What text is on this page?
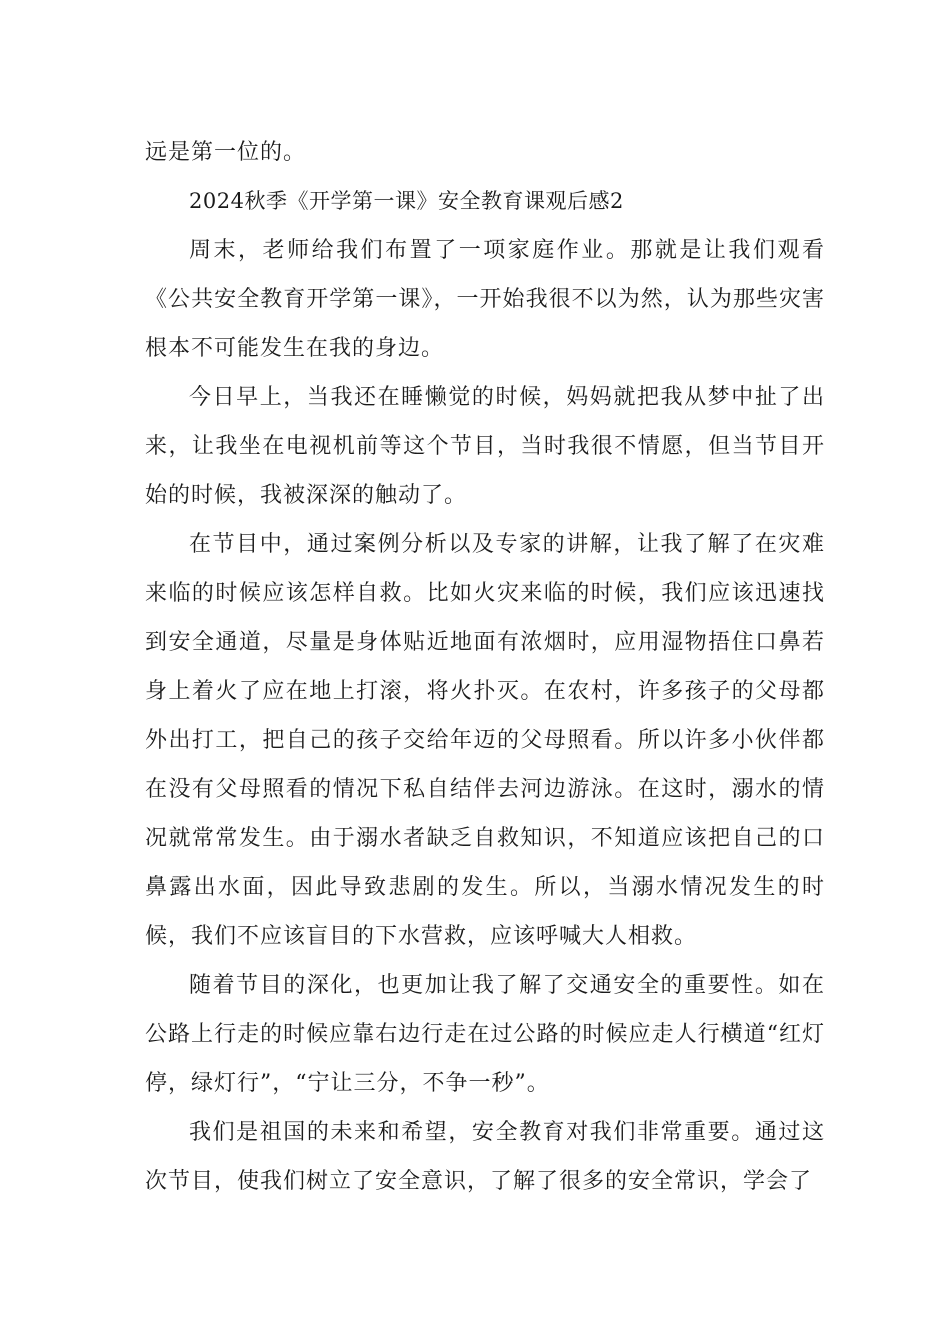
远是第一位的。

2024秋季《开学第一课》安全教育课观后感2

周末，老师给我们布置了一项家庭作业。那就是让我们观看《公共安全教育开学第一课》，一开始我很不以为然，认为那些灾害根本不可能发生在我的身边。

今日早上，当我还在睡懒觉的时候，妈妈就把我从梦中扯了出来，让我坐在电视机前等这个节目，当时我很不情愿，但当节目开始的时候，我被深深的触动了。

在节目中，通过案例分析以及专家的讲解，让我了解了在灾难来临的时候应该怎样自救。比如火灾来临的时候，我们应该迅速找到安全通道，尽量是身体贴近地面有浓烟时，应用湿物捂住口鼻若身上着火了应在地上打滚，将火扑灭。在农村，许多孩子的父母都外出打工，把自己的孩子交给年迈的父母照看。所以许多小伙伴都在没有父母照看的情况下私自结伴去河边游泳。在这时，溺水的情况就常常发生。由于溺水者缺乏自救知识，不知道应该把自己的口鼻露出水面，因此导致悲剧的发生。所以，当溺水情况发生的时候，我们不应该盲目的下水营救，应该呼喊大人相救。

随着节目的深化，也更加让我了解了交通安全的重要性。如在公路上行走的时候应靠右边行走在过公路的时候应走人行横道“红灯停，绿灯行”，“宁让三分，不争一秒”。

我们是祖国的未来和希望，安全教育对我们非常重要。通过这次节目，使我们树立了安全意识，了解了很多的安全常识，学会了
